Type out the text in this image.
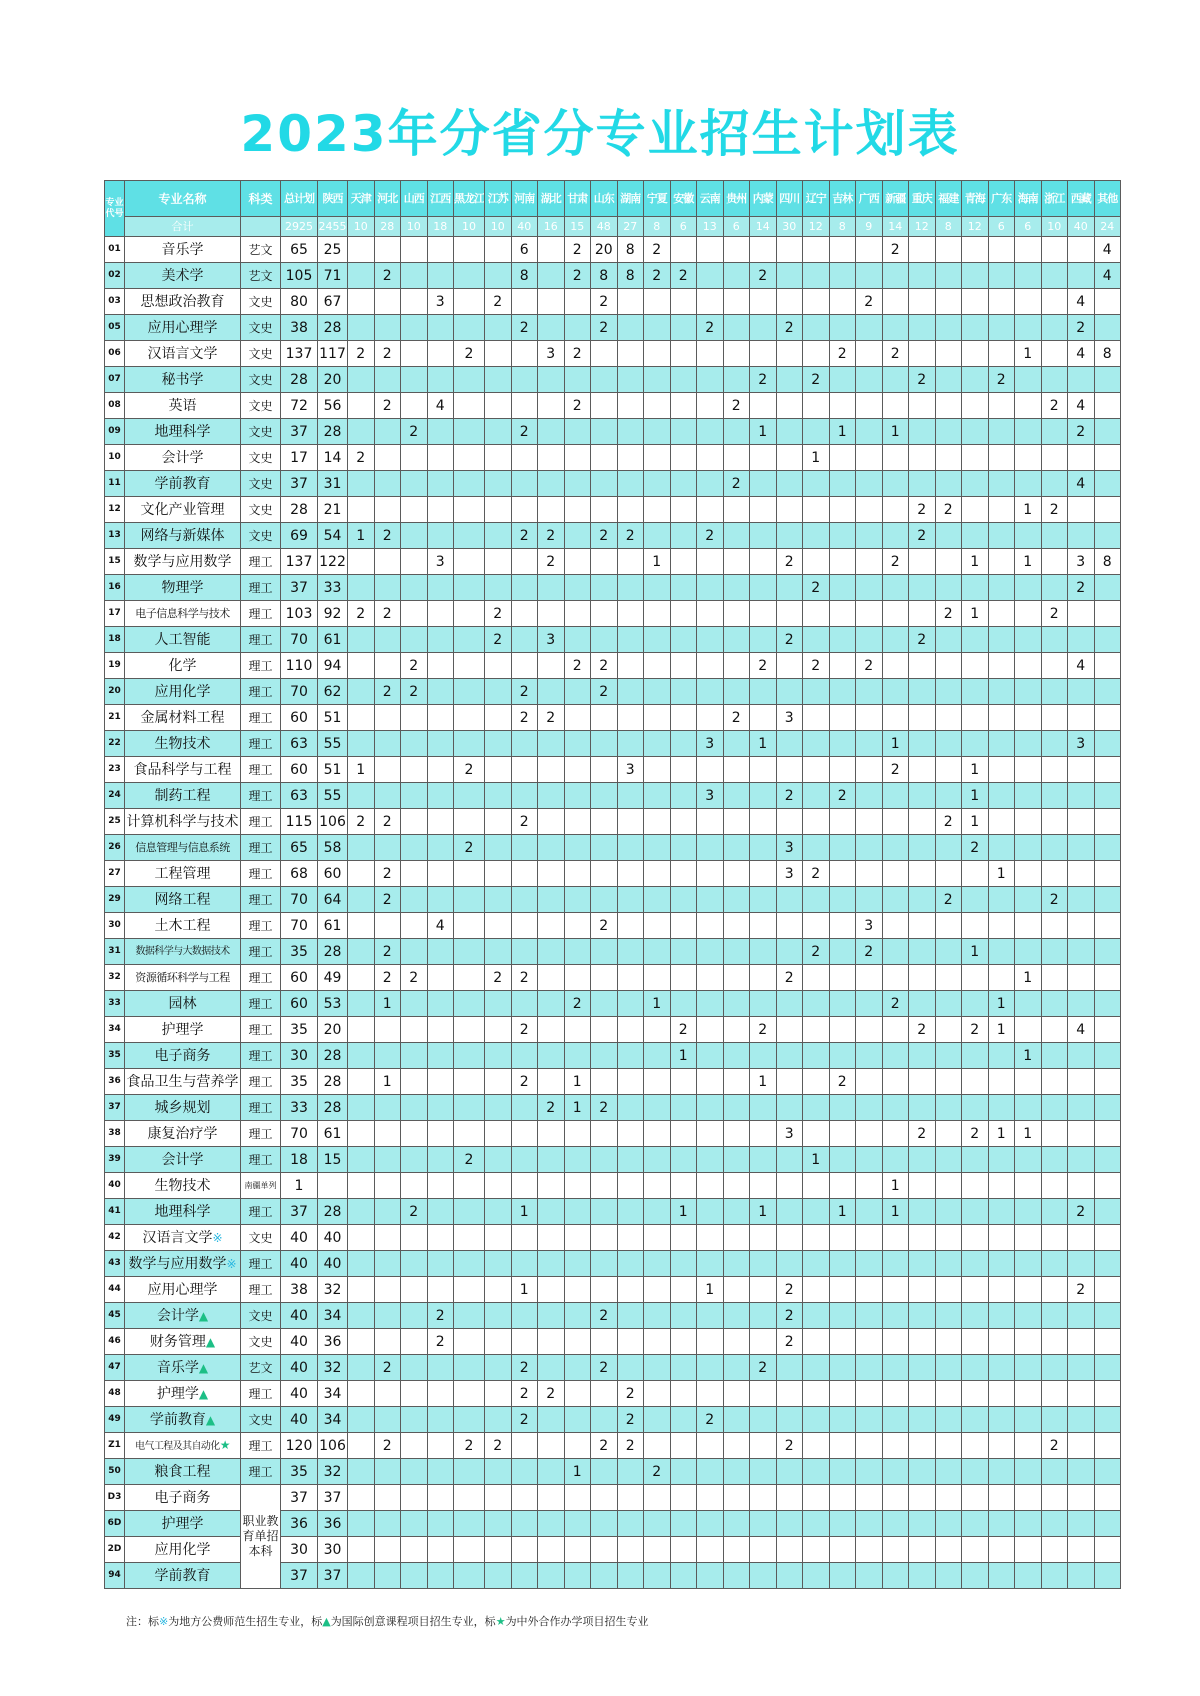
2023年分省分专业招生计划表
专业代号	专业名称	科类	总计划	陕西	天津	河北	山西	江西	黑龙江	江苏	河南	湖北	甘肃	山东	湖南	宁夏	安徽	云南	贵州	内蒙	四川	辽宁	吉林	广西	新疆	重庆	福建	青海	广东	海南	浙江	西藏	其他
	合计		2925	2455	10	28	10	18	10	10	40	16	15	48	27	8	6	13	6	14	30	12	8	9	14	12	8	12	6	6	10	40	24
01	音乐学	艺文	65	25							6		2	20	8	2									2								4
02	美术学	艺文	105	71		2					8		2	8	8	2	2			2													4
03	思想政治教育	文史	80	67				3		2				2										2								4	
05	应用心理学	文史	38	28							2			2				2			2											2	
06	汉语言文学	文史	137	117	2	2			2			3	2										2		2					1		4	8
07	秘书学	文史	28	20																2		2				2			2				
08	英语	文史	72	56		2		4					2						2												2	4	
09	地理科学	文史	37	28			2				2									1			1		1							2	
10	会计学	文史	17	14	2																	1											
11	学前教育	文史	37	31															2													4	
12	文化产业管理	文史	28	21																						2	2			1	2		
13	网络与新媒体	文史	69	54	1	2					2	2		2	2			2								2							
15	数学与应用数学	理工	137	122				3				2				1					2				2			1		1		3	8
16	物理学	理工	37	33																		2										2	
17	电子信息科学与技术	理工	103	92	2	2				2																	2	1			2		
18	人工智能	理工	70	61						2		3									2					2							
19	化学	理工	110	94			2						2	2						2		2		2								4	
20	应用化学	理工	70	62		2	2				2			2																			
21	金属材料工程	理工	60	51							2	2							2		3												
22	生物技术	理工	63	55														3		1					1							3	
23	食品科学与工程	理工	60	51	1				2						3										2			1					
24	制药工程	理工	63	55														3			2		2					1					
25	计算机科学与技术	理工	115	106	2	2					2																2	1					
26	信息管理与信息系统	理工	65	58					2												3							2					
27	工程管理	理工	68	60		2															3	2							1				
29	网络工程	理工	70	64		2																					2				2		
30	土木工程	理工	70	61				4						2										3									
31	数据科学与大数据技术	理工	35	28		2																2		2				1					
32	资源循环科学与工程	理工	60	49		2	2			2	2										2									1			
33	园林	理工	60	53		1							2			1									2				1				
34	护理学	理工	35	20							2						2			2						2		2	1			4	
35	电子商务	理工	30	28													1													1			
36	食品卫生与营养学	理工	35	28		1					2		1							1			2										
37	城乡规划	理工	33	28								2	1	2																			
38	康复治疗学	理工	70	61																	3					2		2	1	1			
39	会计学	理工	18	15					2													1											
40	生物技术	南疆单列	1																						1								
41	地理科学	理工	37	28			2				1						1			1			1		1							2	
42	汉语言文学※	文史	40	40																													
43	数学与应用数学※	理工	40	40																													
44	应用心理学	理工	38	32							1							1			2											2	
45	会计学▲	文史	40	34				2						2							2												
46	财务管理▲	文史	40	36				2													2												
47	音乐学▲	艺文	40	32		2					2			2						2													
48	护理学▲	理工	40	34							2	2			2																		
49	学前教育▲	文史	40	34							2				2			2															
Z1	电气工程及其自动化★	理工	120	106		2			2	2				2	2						2										2		
50	粮食工程	理工	35	32									1			2																	
D3	电子商务	职业教育单招本科	37	37																													
6D	护理学		36	36																													
2D	应用化学		30	30																													
94	学前教育		37	37																													
注：标※为地方公费师范生招生专业，标▲为国际创意课程项目招生专业，标★为中外合作办学项目招生专业
